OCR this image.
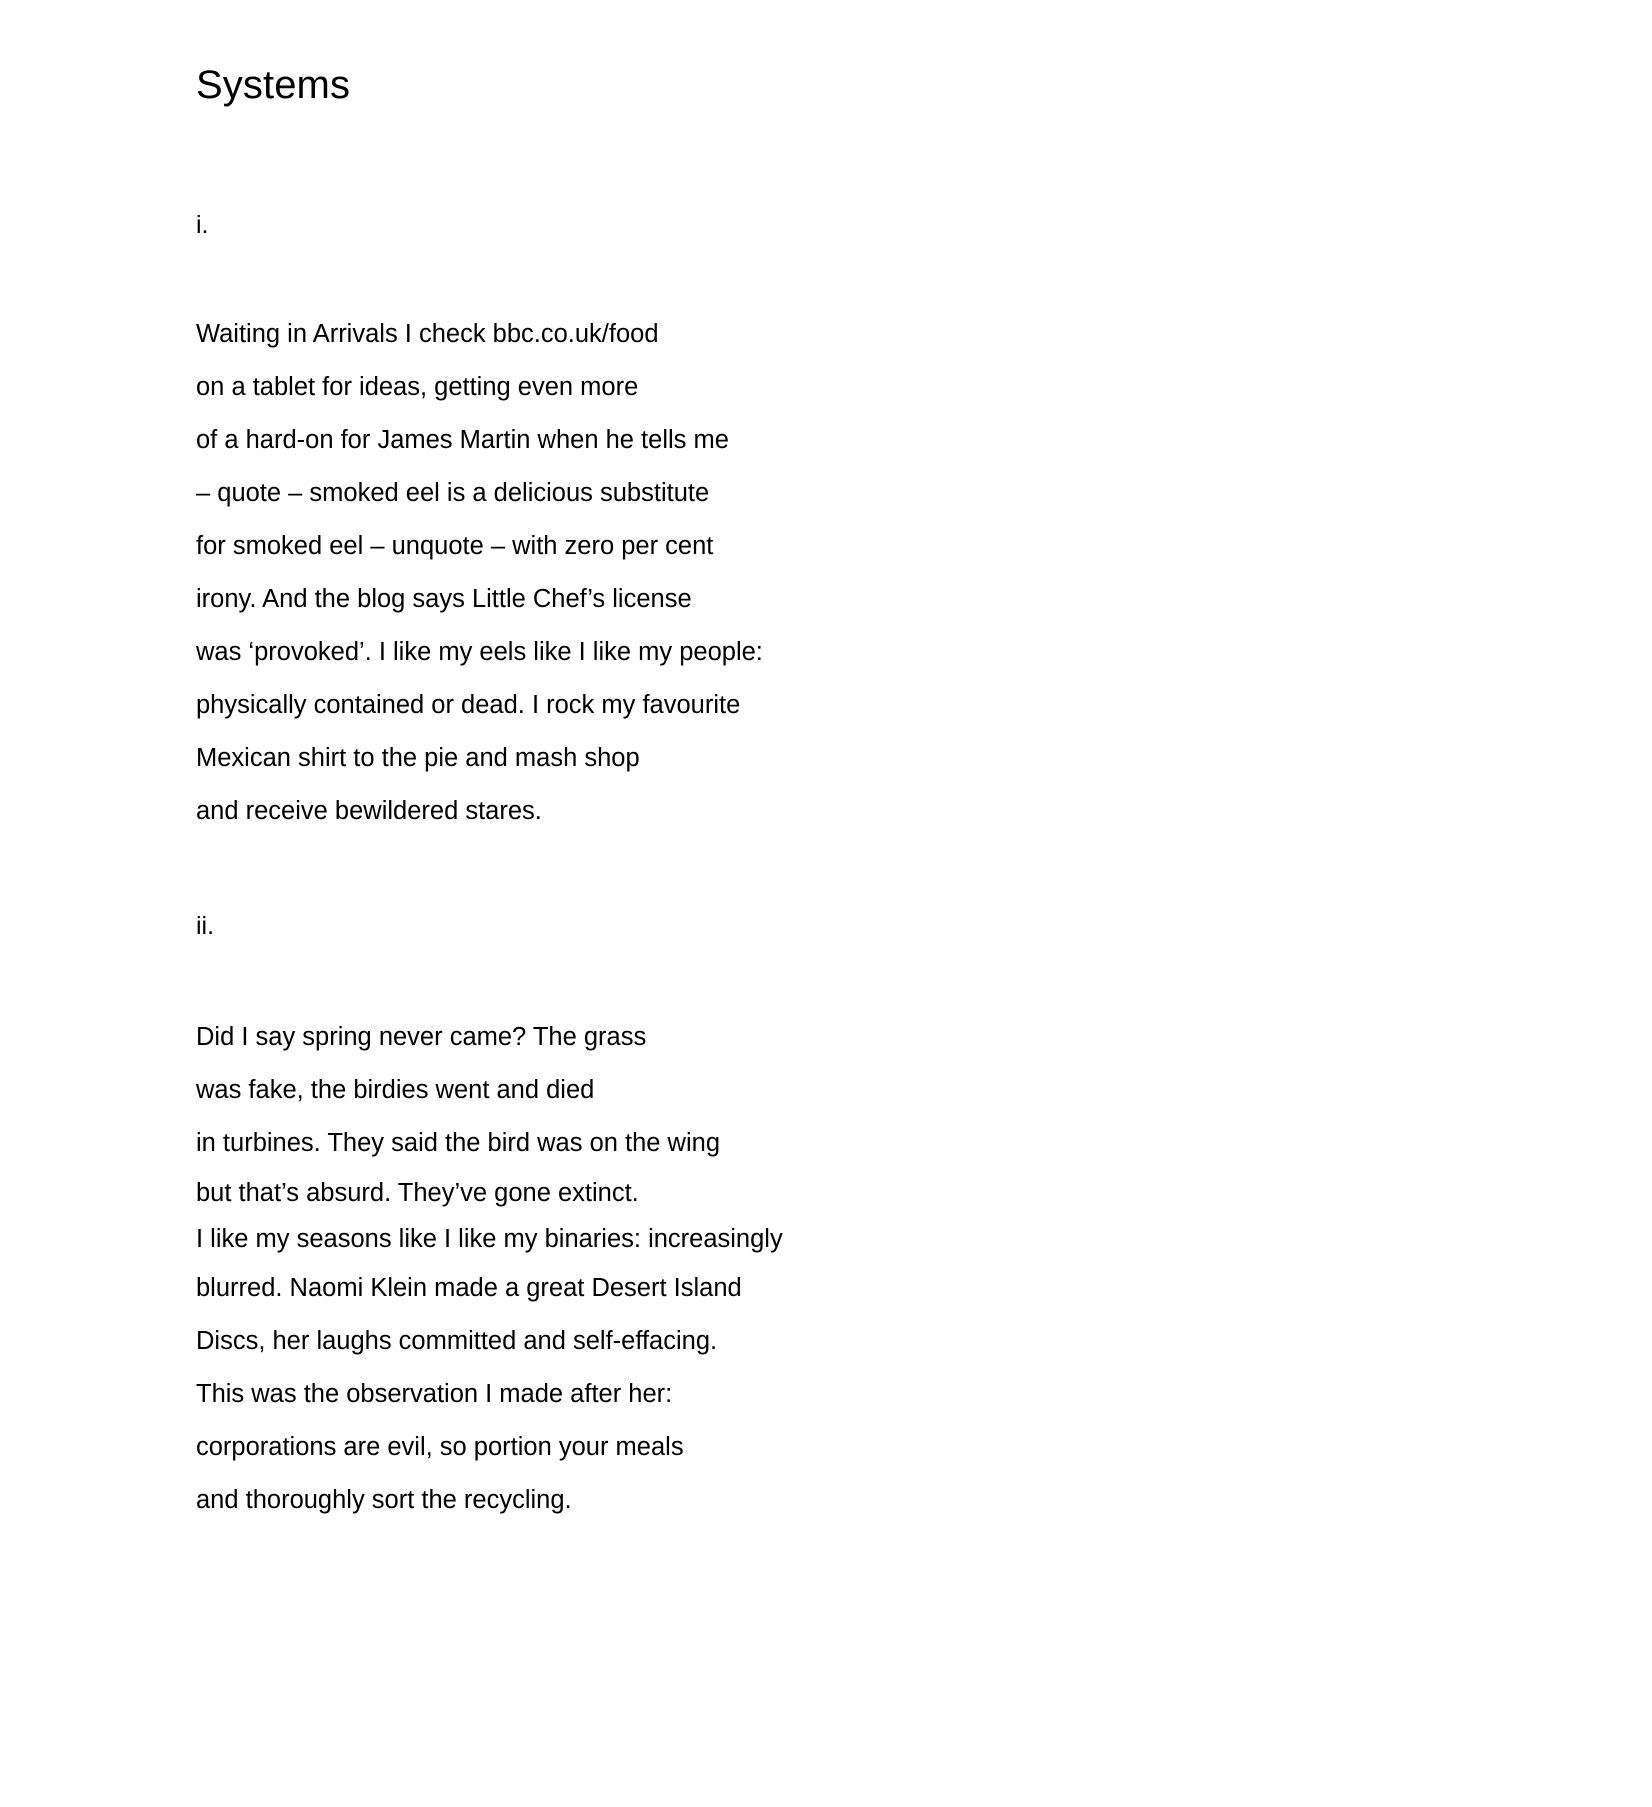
Systems
i.

Waiting in Arrivals I check bbc.co.uk/food

on a tablet for ideas, getting even more

of a hard-on for James Martin when he tells me

– quote – smoked eel is a delicious substitute

for smoked eel – unquote – with zero per cent

irony. And the blog says Little Chef’s license

was ‘provoked’. I like my eels like I like my people:

physically contained or dead. I rock my favourite

Mexican shirt to the pie and mash shop

and receive bewildered stares.

ii.

Did I say spring never came? The grass

was fake, the birdies went and died

in turbines. They said the bird was on the wing

but that’s absurd. They’ve gone extinct.

I like my seasons like I like my binaries: increasingly

blurred. Naomi Klein made a great Desert Island

Discs, her laughs committed and self-effacing.

This was the observation I made after her:

corporations are evil, so portion your meals

and thoroughly sort the recycling.
